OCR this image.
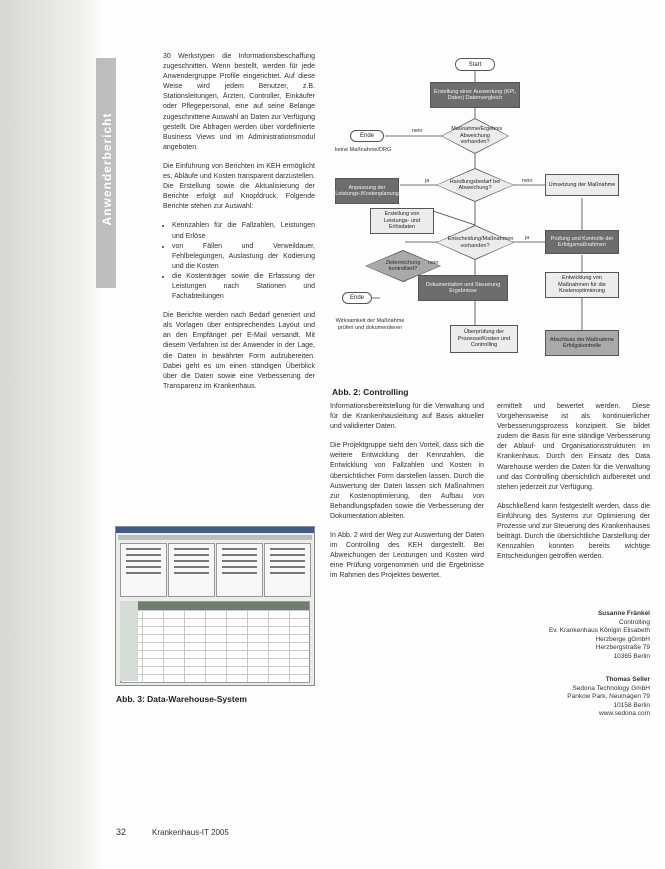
Anwenderbericht

30 Werkstypen die Informationsbeschaffung zugeschnitten. Wenn bestellt, werden für jede Anwendergruppe Profile eingerichtet. Auf diese Weise wird jedem Benutzer, z.B. Stationsleitungen, Ärzten, Controller, Einkäufer oder Pflegepersonal, eine auf seine Belange zugeschnittene Auswahl an Daten zur Verfügung gestellt. Die Abfragen werden über vordefinierte Business Views und im Administrationsmodul angeboten.

Die Einführung von Berichten im KEH ermöglicht es, Abläufe und Kosten transparent darzustellen. Die Erstellung sowie die Aktualisierung der Berichte erfolgt auf Knopfdruck. Folgende Berichte stehen zur Auswahl:

• Kennzahlen für die Fallzahlen, Leistungen und Erlöse
• von Fällen und Verweildauer, Fehlbelegungen, Auslastung der Kodierung und die Kosten
• die Kostenträger sowie die Erfassung der Leistungen nach Stationen und Fachabteilungen

Die Berichte werden nach Bedarf generiert und als Vorlagen über entsprechendes Layout und an den Empfänger per E-Mail versandt. Mit diesem Verfahren ist der Anwender in der Lage, die Daten in bewährter Form aufzubereiten. Dabei geht es um einen ständigen Überblick über die Daten sowie eine Verbesserung der Transparenz im Krankenhaus.

Start
Erstellung einer Auswertung (KPI, Daten) Datenvergleich
Maßnahme/Ergebnis Abweichung vorhanden?
Ende
keine Maßnahme/DRG
nein
Handlungsbedarf bei Abweichung?
ja	nein
Anpassung der Leistungs-/Kostenplanung
Umsetzung der Maßnahme
Erstellung von Leistungs- und Erlösdaten
Entscheidung/Maßnahmen vorhanden?
ja	Prüfung und Kontrolle der Erfolgsmaßnahmen
Zielerreichung kontrolliert?
nein
Dokumentation und Steuerung Ergebnisse
Überprüfung der Prozesse/Kosten und Controlling
Entwicklung von Maßnahmen für die Kostenoptimierung
Abschluss der Maßnahme Erfolgskontrolle
Ende
Wirksamkeit der Maßnahme prüfen und dokumentieren
Abb. 2: Controlling

Informationsbereitstellung für die Verwaltung und für die Krankenhausleitung auf Basis aktueller und validierter Daten.

Die Projektgruppe sieht den Vorteil, dass sich die weitere Entwicklung der Kennzahlen, die Entwicklung von Fallzahlen und Kosten in übersichtlicher Form darstellen lassen. Durch die Auswertung der Daten lassen sich Maßnahmen zur Kostenoptimierung, den Aufbau von Behandlungspfaden sowie die Verbesserung der Dokumentation ableiten.

In Abb. 2 wird der Weg zur Auswertung der Daten im Controlling des KEH dargestellt. Bei Abweichungen der Leistungen und Kosten wird eine Prüfung vorgenommen und die Ergebnisse im Rahmen des Projektes bewertet.

ermittelt und bewertet werden. Diese Vorgehensweise ist als kontinuierlicher Verbesserungsprozess konzipiert. Sie bildet zudem die Basis für eine ständige Verbesserung der Ablauf- und Organisationsstrukturen im Krankenhaus. Durch den Einsatz des Data Warehouse werden die Daten für die Verwaltung und das Controlling übersichtlich aufbereitet und stehen jederzeit zur Verfügung.

Abschließend kann festgestellt werden, dass die Einführung des Systems zur Optimierung der Prozesse und zur Steuerung des Krankenhauses beiträgt. Durch die übersichtliche Darstellung der Kennzahlen konnten bereits wichtige Entscheidungen getroffen werden.

Susanne Fränkel
Controlling
Ev. Krankenhaus Königin Elisabeth
Herzberge gGmbH
Herzbergstraße 79
10365 Berlin
Thomas Seller
Sedona Technology GmbH
Pankow Park, Neumagen 79
10158 Berlin
www.sedona.com
Abb. 3: Data-Warehouse-System
32	Krankenhaus-IT 2005
